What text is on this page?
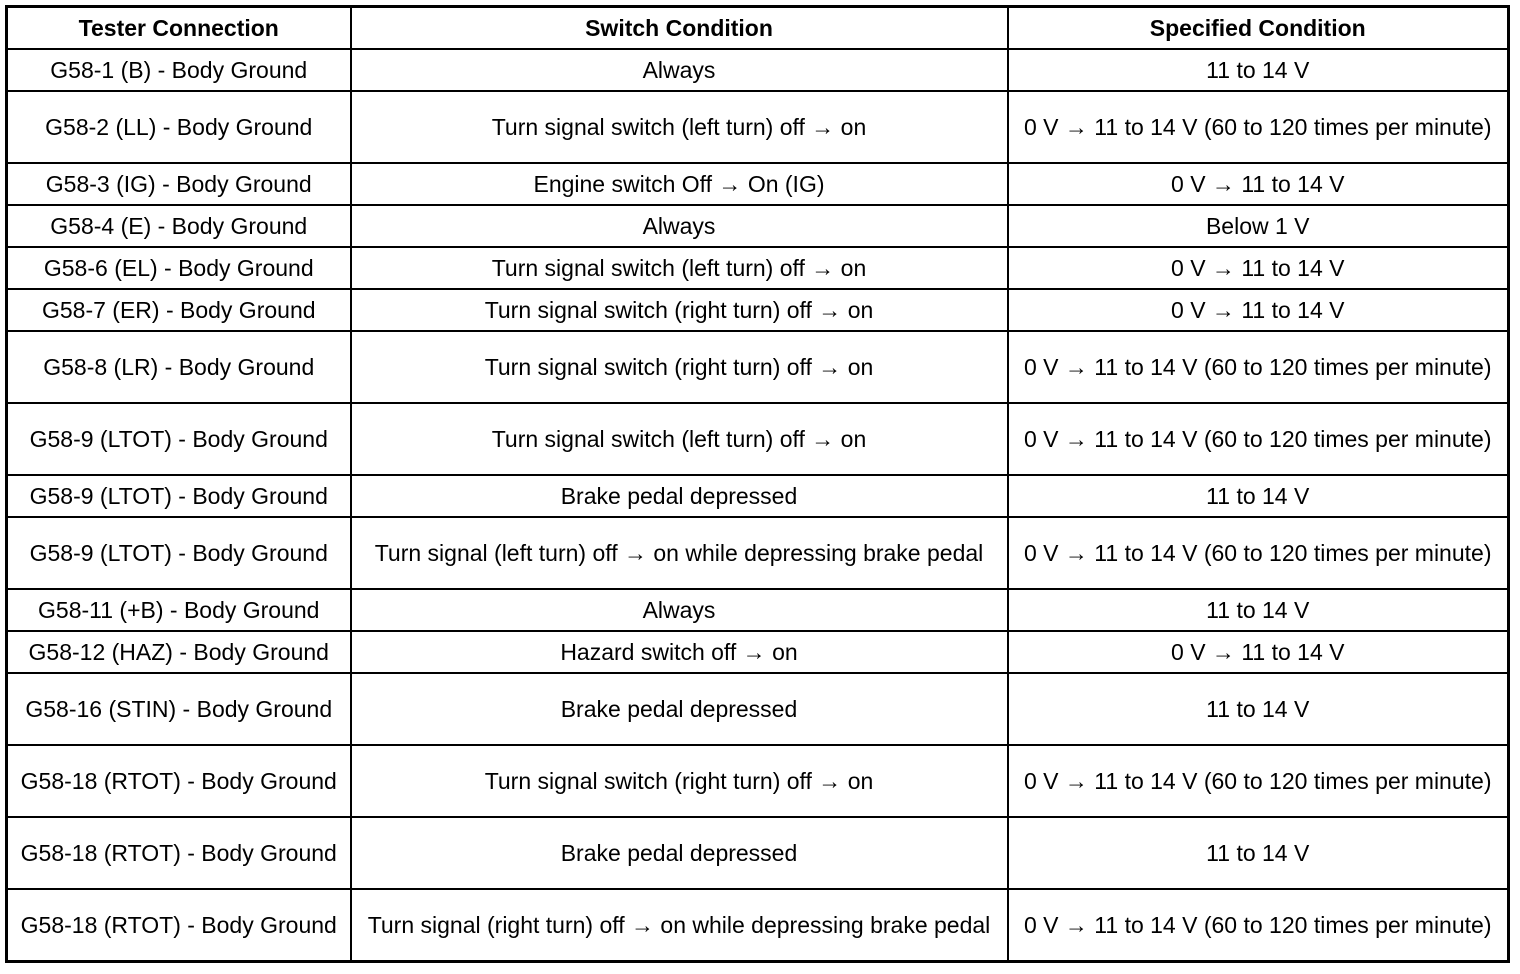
Tester Connection	Switch Condition	Specified Condition
G58-1 (B) - Body Ground	Always	11 to 14 V
G58-2 (LL) - Body Ground	Turn signal switch (left turn) off → on	0 V → 11 to 14 V (60 to 120 times per minute)
G58-3 (IG) - Body Ground	Engine switch Off → On (IG)	0 V → 11 to 14 V
G58-4 (E) - Body Ground	Always	Below 1 V
G58-6 (EL) - Body Ground	Turn signal switch (left turn) off → on	0 V → 11 to 14 V
G58-7 (ER) - Body Ground	Turn signal switch (right turn) off → on	0 V → 11 to 14 V
G58-8 (LR) - Body Ground	Turn signal switch (right turn) off → on	0 V → 11 to 14 V (60 to 120 times per minute)
G58-9 (LTOT) - Body Ground	Turn signal switch (left turn) off → on	0 V → 11 to 14 V (60 to 120 times per minute)
G58-9 (LTOT) - Body Ground	Brake pedal depressed	11 to 14 V
G58-9 (LTOT) - Body Ground	Turn signal (left turn) off → on while depressing brake pedal	0 V → 11 to 14 V (60 to 120 times per minute)
G58-11 (+B) - Body Ground	Always	11 to 14 V
G58-12 (HAZ) - Body Ground	Hazard switch off → on	0 V → 11 to 14 V
G58-16 (STIN) - Body Ground	Brake pedal depressed	11 to 14 V
G58-18 (RTOT) - Body Ground	Turn signal switch (right turn) off → on	0 V → 11 to 14 V (60 to 120 times per minute)
G58-18 (RTOT) - Body Ground	Brake pedal depressed	11 to 14 V
G58-18 (RTOT) - Body Ground	Turn signal (right turn) off → on while depressing brake pedal	0 V → 11 to 14 V (60 to 120 times per minute)
